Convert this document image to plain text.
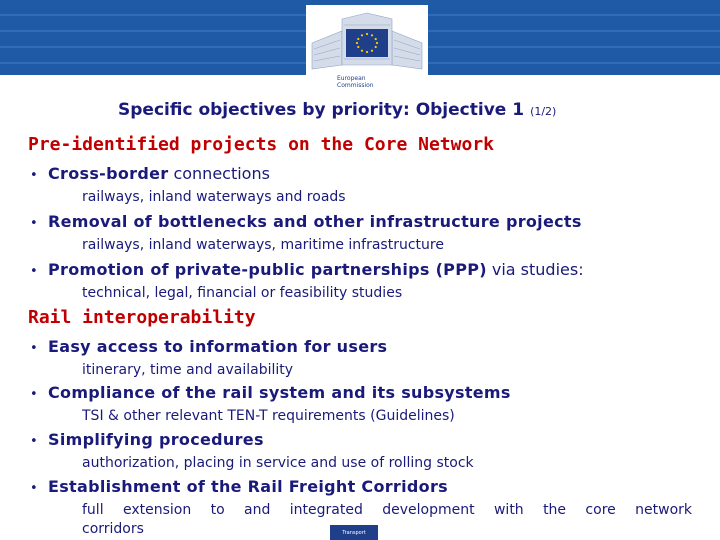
European
Commission
Specific objectives by priority: Objective 1 (1/2)
Pre-identified projects on the Core Network
• Cross-border connections
railways, inland waterways and roads
• Removal of bottlenecks and other infrastructure projects
railways, inland waterways, maritime infrastructure
• Promotion of private-public partnerships (PPP) via studies:
technical, legal, financial or feasibility studies
Rail interoperability
• Easy access to information for users
itinerary, time and availability
• Compliance of the rail system and its subsystems
TSI & other relevant TEN-T requirements (Guidelines)
• Simplifying procedures
authorization, placing in service and use of rolling stock
• Establishment of the Rail Freight Corridors
full extension to and integrated development with the core network corridors	Transport
